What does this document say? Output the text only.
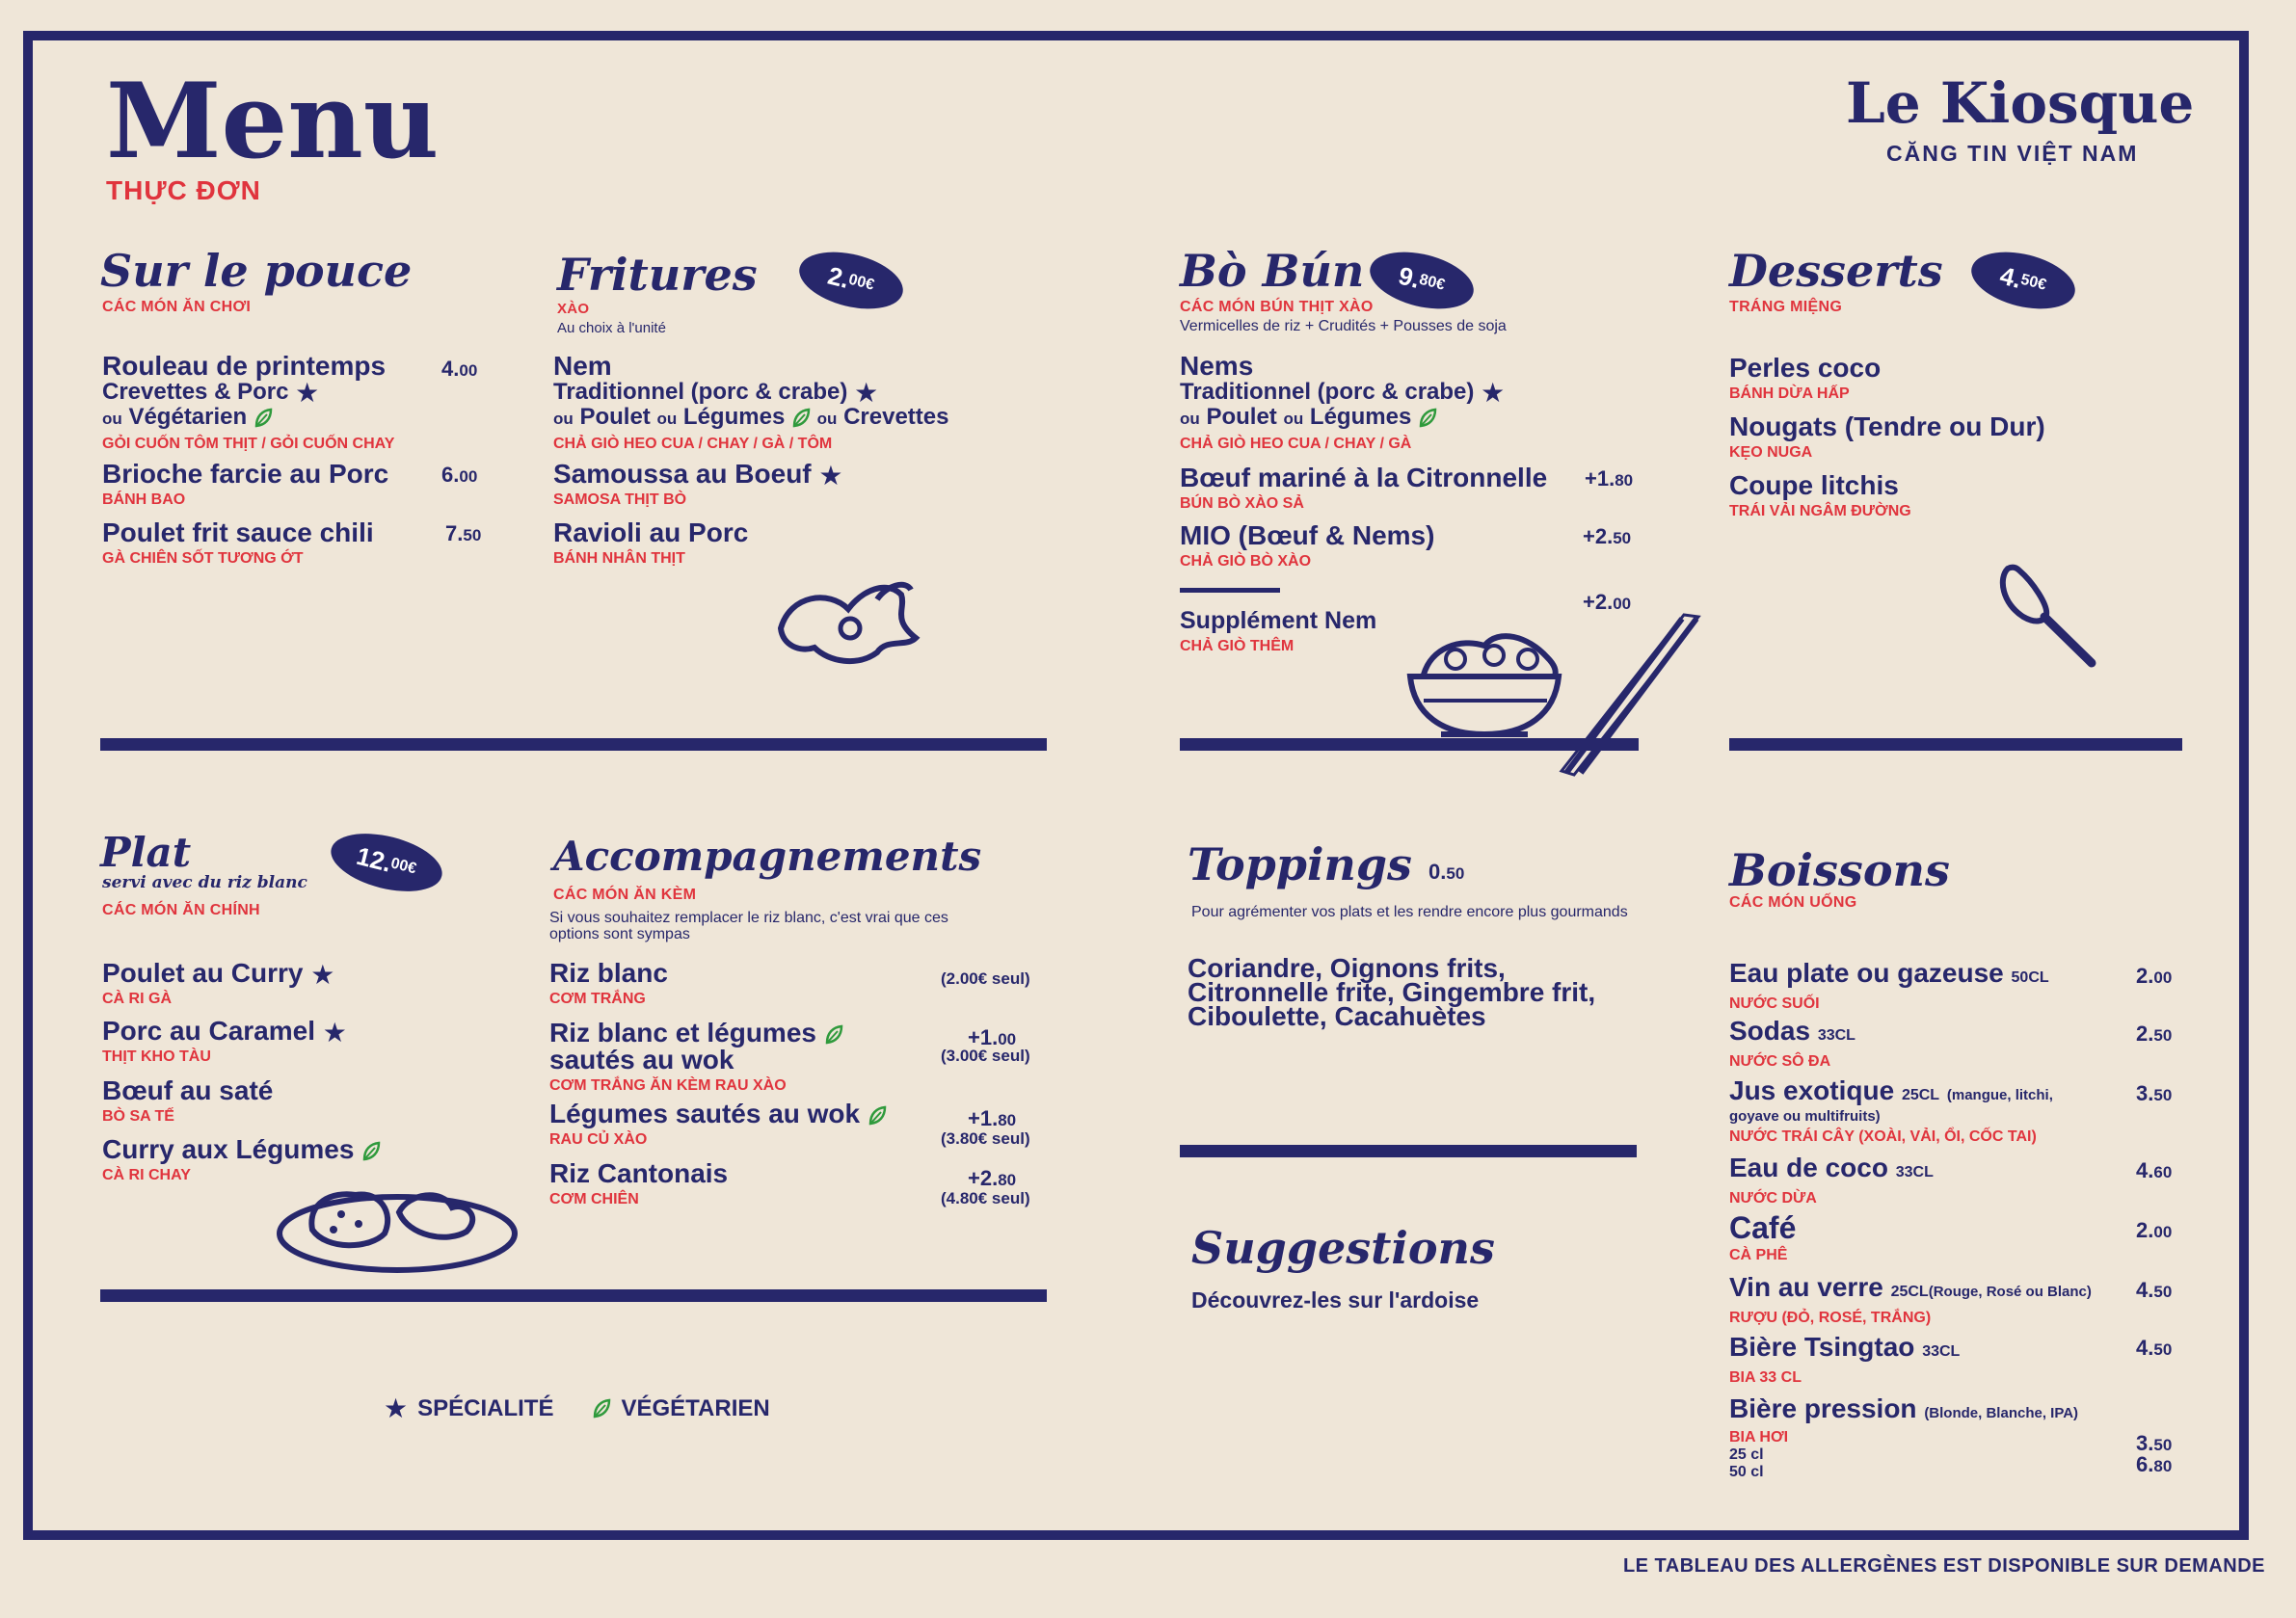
Menu
THỰC ĐƠN
Le Kiosque
CĂNG TIN VIỆT NAM
Sur le pouce
CÁC MÓN ĂN CHƠI
Rouleau de printemps
Crevettes & Porc ★
ou Végétarien
GỎI CUỐN TÔM THỊT / GỎI CUỐN CHAY
4.00
Brioche farcie au Porc
BÁNH BAO
6.00
Poulet frit sauce chili
GÀ CHIÊN SỐT TƯƠNG ỚT
7.50
Fritures	2.
00€
XÀO
Au choix à l'unité
Nem
Traditionnel (porc & crabe) ★
ou Poulet ou Légumes ou Crevettes
CHẢ GIÒ HEO CUA / CHAY / GÀ / TÔM
Samoussa au Boeuf ★
SAMOSA THỊT BÒ
Ravioli au Porc
BÁNH NHÂN THỊT
Bò Bún 9.
80€
CÁC MÓN BÚN THỊT XÀO
Vermicelles de riz + Crudités + Pousses de soja
Nems
Traditionnel (porc & crabe) ★
ou Poulet ou Légumes
CHẢ GIÒ HEO CUA / CHAY / GÀ
Bœuf mariné à la Citronnelle
BÚN BÒ XÀO SẢ
+1.80
MIO (Bœuf & Nems)
CHẢ GIÒ BÒ XÀO
+2.50
Supplément Nem
CHẢ GIÒ THÊM
+2.00
Desserts 4.
50€
TRÁNG MIỆNG
Perles coco
BÁNH DỪA HẤP
Nougats (Tendre ou Dur)
KẸO NUGA
Coupe litchis
TRÁI VẢI NGÂM ĐƯỜNG
Plat
servi avec du riz blanc
CÁC MÓN ĂN CHÍNH
12.
00€
Poulet au Curry ★
CÀ RI GÀ
Porc au Caramel ★
THỊT KHO TÀU
Bœuf au saté
BÒ SA TẾ
Curry aux Légumes
CÀ RI CHAY
Accompagnements
CÁC MÓN ĂN KÈM
Si vous souhaitez remplacer le riz blanc, c'est vrai que ces options sont sympas
Riz blanc
CƠM TRẮNG
(2.00€ seul)
Riz blanc et légumes
sautés au wok
CƠM TRẮNG ĂN KÈM RAU XÀO
+1.00
(3.00€ seul)
Légumes sautés au wok
RAU CỦ XÀO
+1.80
(3.80€ seul)
Riz Cantonais
CƠM CHIÊN
+2.80
(4.80€ seul)
★ SPÉCIALITÉ	VÉGÉTARIEN
Toppings 0.50
Pour agrémenter vos plats et les rendre encore plus gourmands
Coriandre, Oignons frits,
Citronnelle frite, Gingembre frit,
Ciboulette, Cacahuètes
Suggestions
Découvrez-les sur l'ardoise
Boissons
CÁC MÓN UỐNG
Eau plate ou gazeuse 50CL
NƯỚC SUỐI
2.00
Sodas 33CL
NƯỚC SÔ ĐA
2.50
Jus exotique 25CL (mangue, litchi,
goyave ou multifruits)
NƯỚC TRÁI CÂY (XOÀI, VẢI, ỔI, CỐC TAI)
3.50
Eau de coco 33CL
NƯỚC DỪA
4.60
Café
CÀ PHÊ
2.00
Vin au verre 25CL(Rouge, Rosé ou Blanc)
RƯỢU (ĐỎ, ROSÉ, TRẮNG)
4.50
Bière Tsingtao 33CL
BIA 33 CL
4.50
Bière pression (Blonde, Blanche, IPA)
BIA HƠI
25 cl
50 cl
3.50
6.80
LE TABLEAU DES ALLERGÈNES EST DISPONIBLE SUR DEMANDE
